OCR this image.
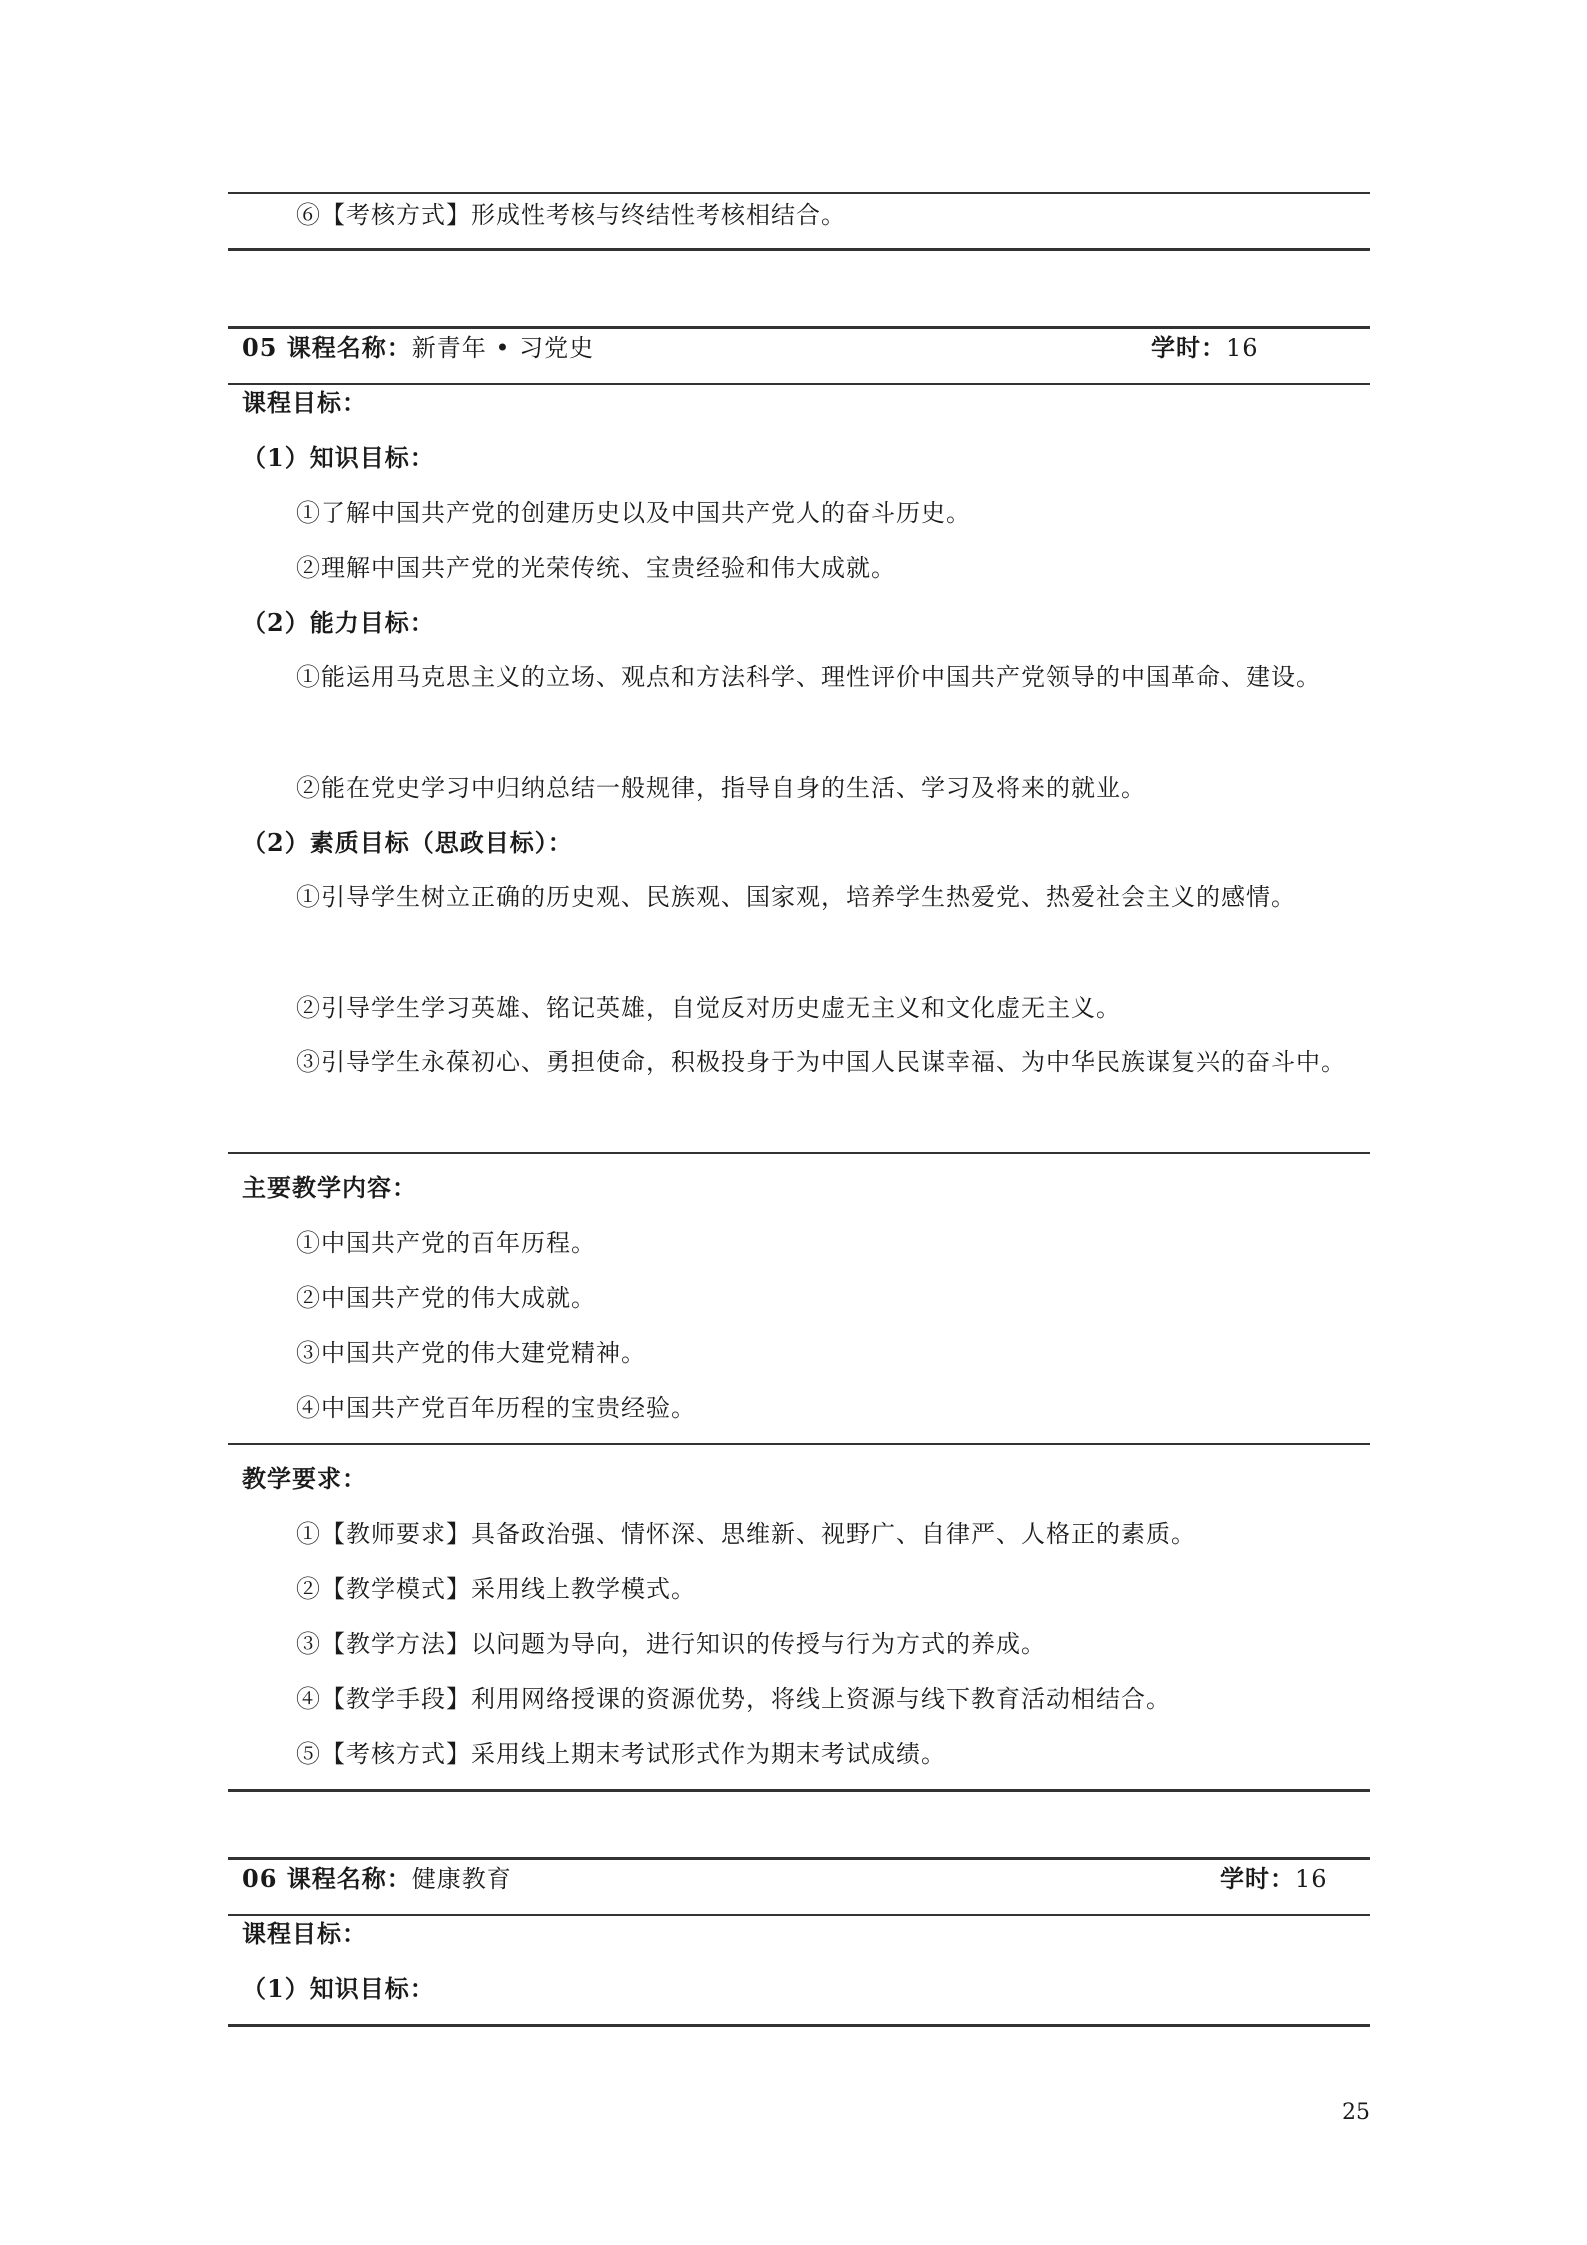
⑥【考核方式】形成性考核与终结性考核相结合。
05 课程名称：新青年 • 习党史	学时：16
课程目标：
（1）知识目标：
①了解中国共产党的创建历史以及中国共产党人的奋斗历史。
②理解中国共产党的光荣传统、宝贵经验和伟大成就。
（2）能力目标：
①能运用马克思主义的立场、观点和方法科学、理性评价中国共产党领导的中国革命、建设。
②能在党史学习中归纳总结一般规律，指导自身的生活、学习及将来的就业。
（2）素质目标（思政目标）：
①引导学生树立正确的历史观、民族观、国家观，培养学生热爱党、热爱社会主义的感情。
②引导学生学习英雄、铭记英雄，自觉反对历史虚无主义和文化虚无主义。
③引导学生永葆初心、勇担使命，积极投身于为中国人民谋幸福、为中华民族谋复兴的奋斗中。
主要教学内容：
①中国共产党的百年历程。
②中国共产党的伟大成就。
③中国共产党的伟大建党精神。
④中国共产党百年历程的宝贵经验。
教学要求：
①【教师要求】具备政治强、情怀深、思维新、视野广、自律严、人格正的素质。
②【教学模式】采用线上教学模式。
③【教学方法】以问题为导向，进行知识的传授与行为方式的养成。
④【教学手段】利用网络授课的资源优势，将线上资源与线下教育活动相结合。
⑤【考核方式】采用线上期末考试形式作为期末考试成绩。
06 课程名称：健康教育	学时：16
课程目标：
（1）知识目标：
25
